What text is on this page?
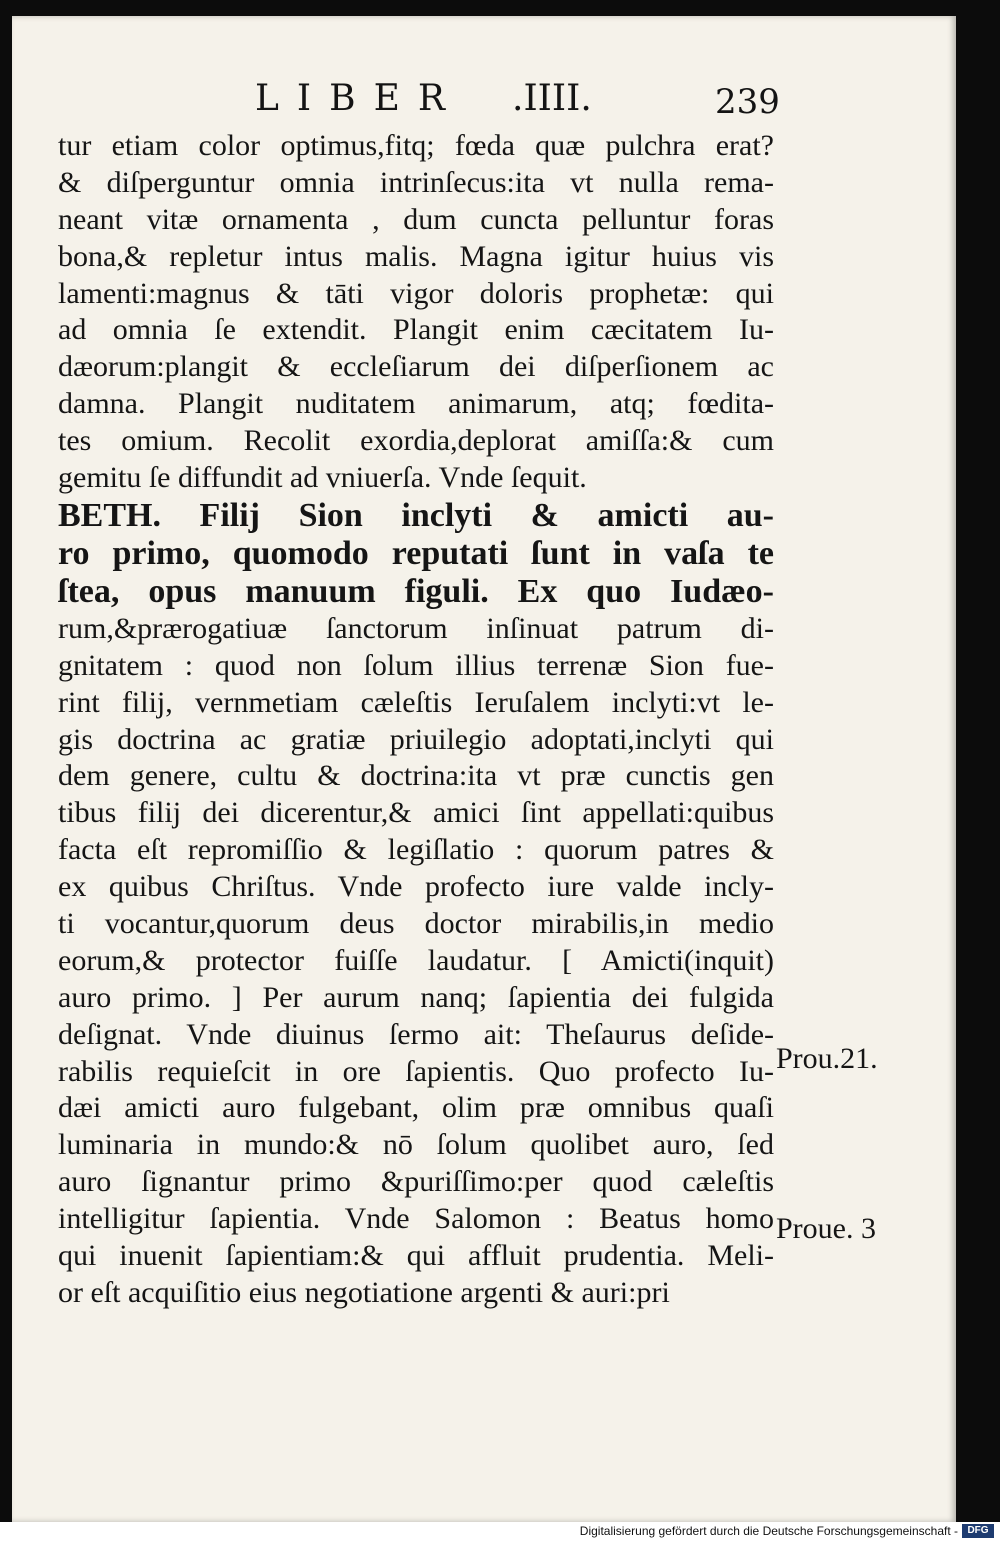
LIBER .IIII.	239
tur etiam color optimus,fitq; fœda quæ pulchra erat?
& diſperguntur omnia intrinſecus:ita vt nulla rema-
neant vitæ ornamenta , dum cuncta pelluntur foras
bona,& repletur intus malis. Magna igitur huius vis
lamenti:magnus & tāti vigor doloris prophetæ: qui
ad omnia ſe extendit. Plangit enim cæcitatem Iu-
dæorum:plangit & eccleſiarum dei diſperſionem ac
damna. Plangit nuditatem animarum, atq; fœdita-
tes omium. Recolit exordia,deplorat amiſſa:& cum
gemitu ſe diffundit ad vniuerſa. Vnde ſequit.
BETH. Filij Sion inclyti & amicti au-
ro primo, quomodo reputati ſunt in vaſa te
ſtea, opus manuum figuli. Ex quo Iudæo-
rum,&prærogatiuæ ſanctorum inſinuat patrum di-
gnitatem : quod non ſolum illius terrenæ Sion fue-
rint filij, vernmetiam cæleſtis Ieruſalem inclyti:vt le-
gis doctrina ac gratiæ priuilegio adoptati,inclyti qui
dem genere, cultu & doctrina:ita vt præ cunctis gen
tibus filij dei dicerentur,& amici ſint appellati:quibus
facta eſt repromiſſio & legiſlatio : quorum patres &
ex quibus Chriſtus. Vnde profecto iure valde incly-
ti vocantur,quorum deus doctor mirabilis,in medio
eorum,& protector fuiſſe laudatur. [ Amicti(inquit)
auro primo. ] Per aurum nanq; ſapientia dei fulgida
deſignat. Vnde diuinus ſermo ait: Theſaurus deſide-
rabilis requieſcit in ore ſapientis. Quo profecto Iu-
dæi amicti auro fulgebant, olim præ omnibus quaſi
luminaria in mundo:& nō ſolum quolibet auro, ſed
auro ſignantur primo &puriſſimo:per quod cæleſtis
intelligitur ſapientia. Vnde Salomon : Beatus homo
qui inuenit ſapientiam:& qui affluit prudentia. Meli-
or eſt acquiſitio eius negotiatione argenti & auri:pri
Prou.21.
Proue. 3
Digitalisierung gefördert durch die Deutsche Forschungsgemeinschaft - DFG
